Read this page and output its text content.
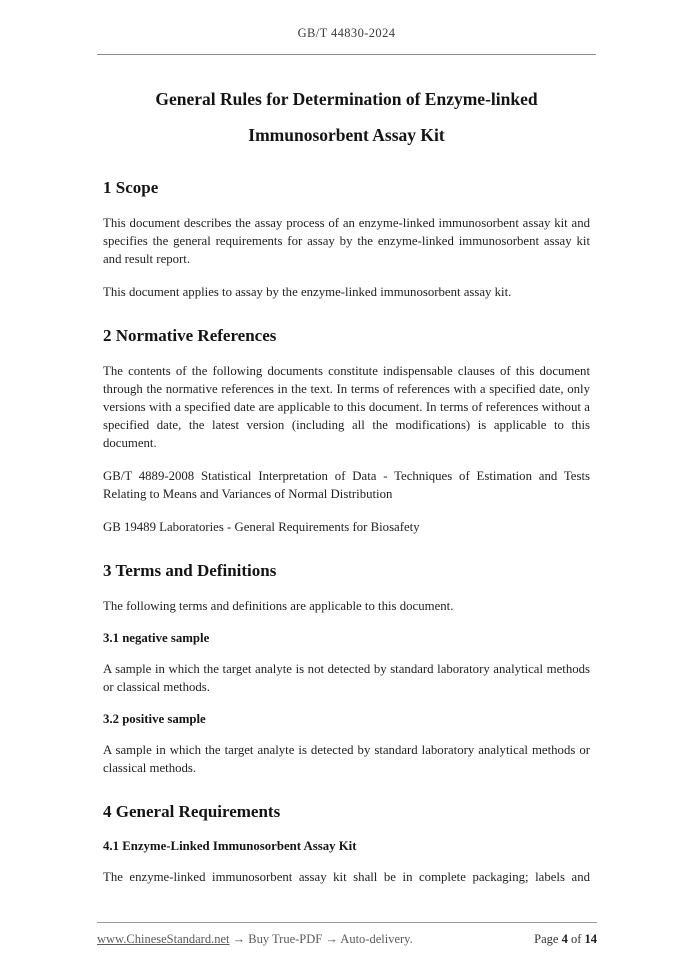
GB/T 44830-2024
General Rules for Determination of Enzyme-linked
Immunosorbent Assay Kit
1 Scope

This document describes the assay process of an enzyme-linked immunosorbent assay kit and specifies the general requirements for assay by the enzyme-linked immunosorbent assay kit and result report.

This document applies to assay by the enzyme-linked immunosorbent assay kit.

2 Normative References

The contents of the following documents constitute indispensable clauses of this document through the normative references in the text. In terms of references with a specified date, only versions with a specified date are applicable to this document. In terms of references without a specified date, the latest version (including all the modifications) is applicable to this document.

GB/T 4889-2008 Statistical Interpretation of Data - Techniques of Estimation and Tests Relating to Means and Variances of Normal Distribution

GB 19489 Laboratories - General Requirements for Biosafety

3 Terms and Definitions

The following terms and definitions are applicable to this document.

3.1 negative sample

A sample in which the target analyte is not detected by standard laboratory analytical methods or classical methods.

3.2 positive sample

A sample in which the target analyte is detected by standard laboratory analytical methods or classical methods.

4 General Requirements
4.1 Enzyme-Linked Immunosorbent Assay Kit

The enzyme-linked immunosorbent assay kit shall be in complete packaging; labels and

www.ChineseStandard.net → Buy True-PDF → Auto-delivery.	Page 4 of 14
